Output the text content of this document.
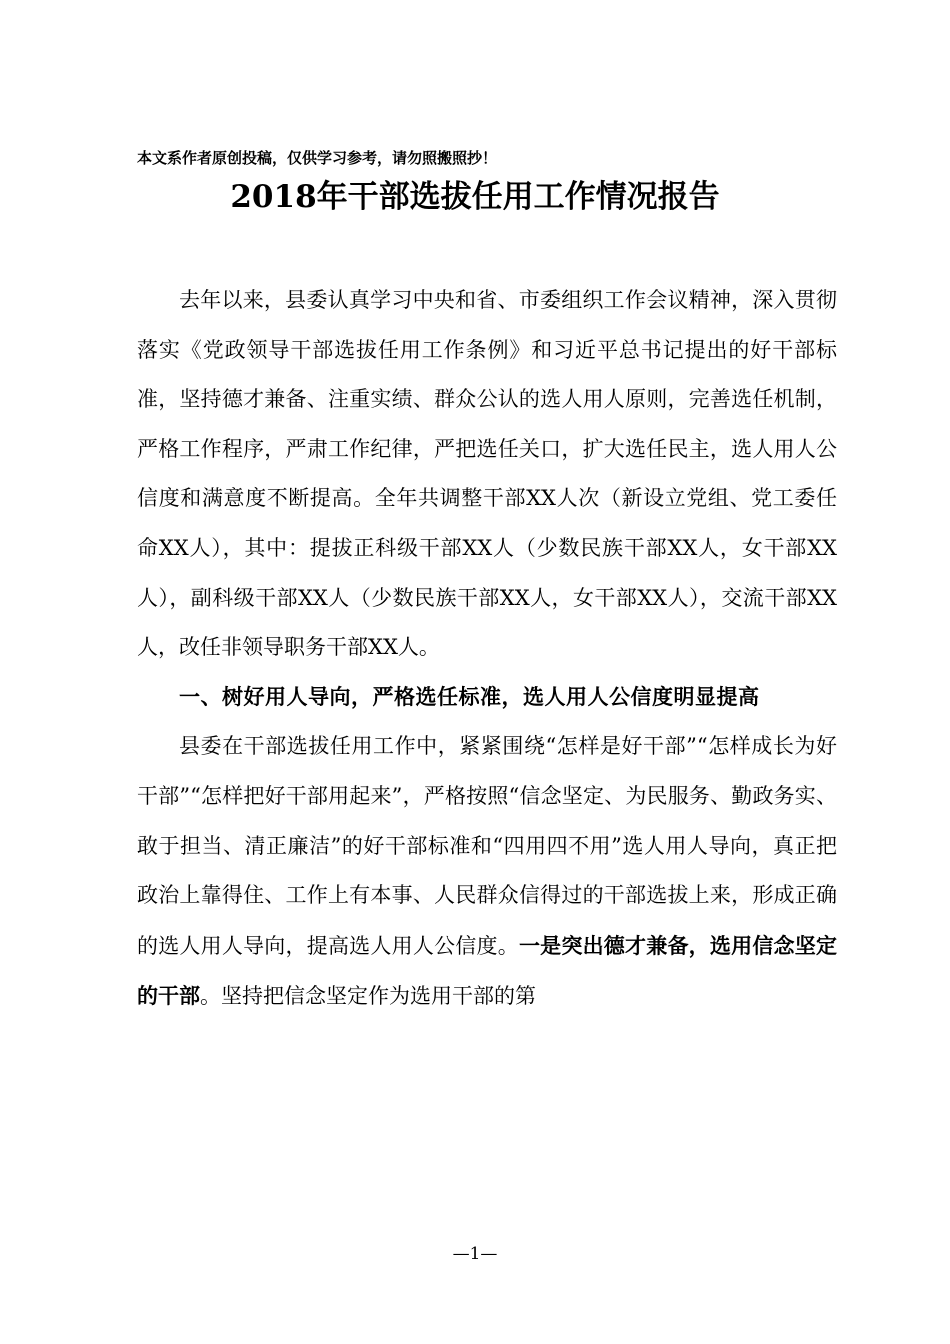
本文系作者原创投稿，仅供学习参考，请勿照搬照抄！
2018年干部选拔任用工作情况报告

去年以来，县委认真学习中央和省、市委组织工作会议精神，深入贯彻落实《党政领导干部选拔任用工作条例》和习近平总书记提出的好干部标准，坚持德才兼备、注重实绩、群众公认的选人用人原则，完善选任机制，严格工作程序，严肃工作纪律，严把选任关口，扩大选任民主，选人用人公信度和满意度不断提高。全年共调整干部XX人次（新设立党组、党工委任命XX人），其中：提拔正科级干部XX人（少数民族干部XX人，女干部XX人），副科级干部XX人（少数民族干部XX人，女干部XX人），交流干部XX人，改任非领导职务干部XX人。

一、树好用人导向，严格选任标准，选人用人公信度明显提高

县委在干部选拔任用工作中，紧紧围绕“怎样是好干部”“怎样成长为好干部”“怎样把好干部用起来”，严格按照“信念坚定、为民服务、勤政务实、敢于担当、清正廉洁”的好干部标准和“四用四不用”选人用人导向，真正把政治上靠得住、工作上有本事、人民群众信得过的干部选拔上来，形成正确的选人用人导向，提高选人用人公信度。一是突出德才兼备，选用信念坚定的干部。坚持把信念坚定作为选用干部的第

—1—
